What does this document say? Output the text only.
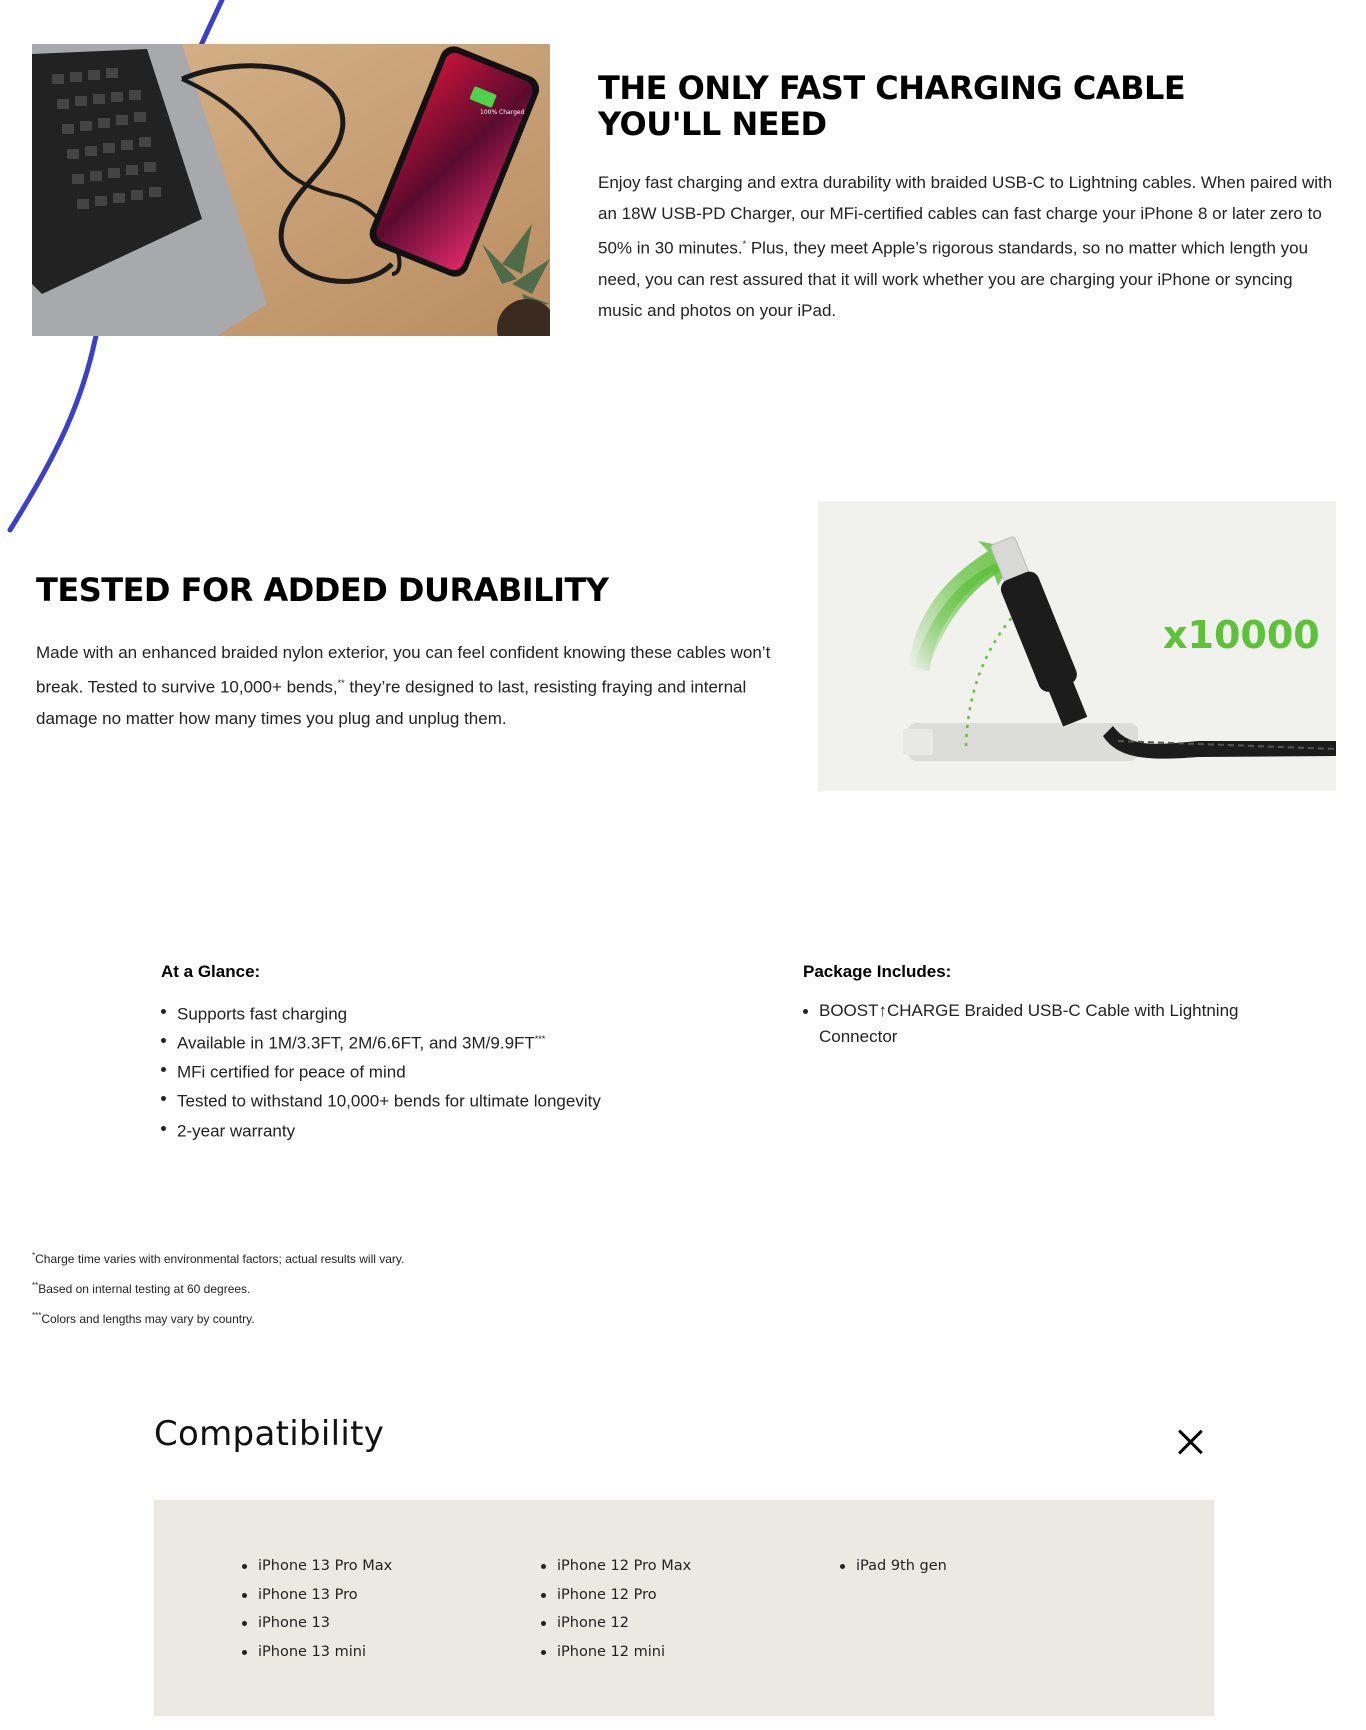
100% Charged
THE ONLY FAST CHARGING CABLE YOU'LL NEED

Enjoy fast charging and extra durability with braided USB-C to Lightning cables. When paired with an 18W USB-PD Charger, our MFi-certified cables can fast charge your iPhone 8 or later zero to 50% in 30 minutes.* Plus, they meet Apple’s rigorous standards, so no matter which length you need, you can rest assured that it will work whether you are charging your iPhone or syncing music and photos on your iPad.

TESTED FOR ADDED DURABILITY

Made with an enhanced braided nylon exterior, you can feel confident knowing these cables won’t break. Tested to survive 10,000+ bends,** they’re designed to last, resisting fraying and internal damage no matter how many times you plug and unplug them.

x10000
At a Glance:
Supports fast charging
Available in 1M/3.3FT, 2M/6.6FT, and 3M/9.9FT***
MFi certified for peace of mind
Tested to withstand 10,000+ bends for ultimate longevity
2-year warranty
Package Includes:
BOOST↑CHARGE Braided USB-C Cable with Lightning Connector

*Charge time varies with environmental factors; actual results will vary.

**Based on internal testing at 60 degrees.

***Colors and lengths may vary by country.

Compatibility
iPhone 13 Pro Max
iPhone 13 Pro
iPhone 13
iPhone 13 mini
iPhone 12 Pro Max
iPhone 12 Pro
iPhone 12
iPhone 12 mini
iPad 9th gen
